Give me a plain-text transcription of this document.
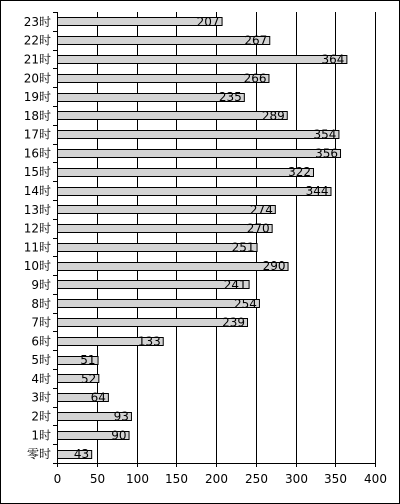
43
90
93
64
52
51
133
239
254
241
290
251
270
274
344
322
356
354
289
235
266
364
267
207
零时
1时
2时
3时
4时
5时
6时
7时
8时
9时
10时
11时
12时
13时
14时
15时
16时
17时
18时
19时
20时
21时
22时
23时
0 50 100 150 200 250 300 350 400
